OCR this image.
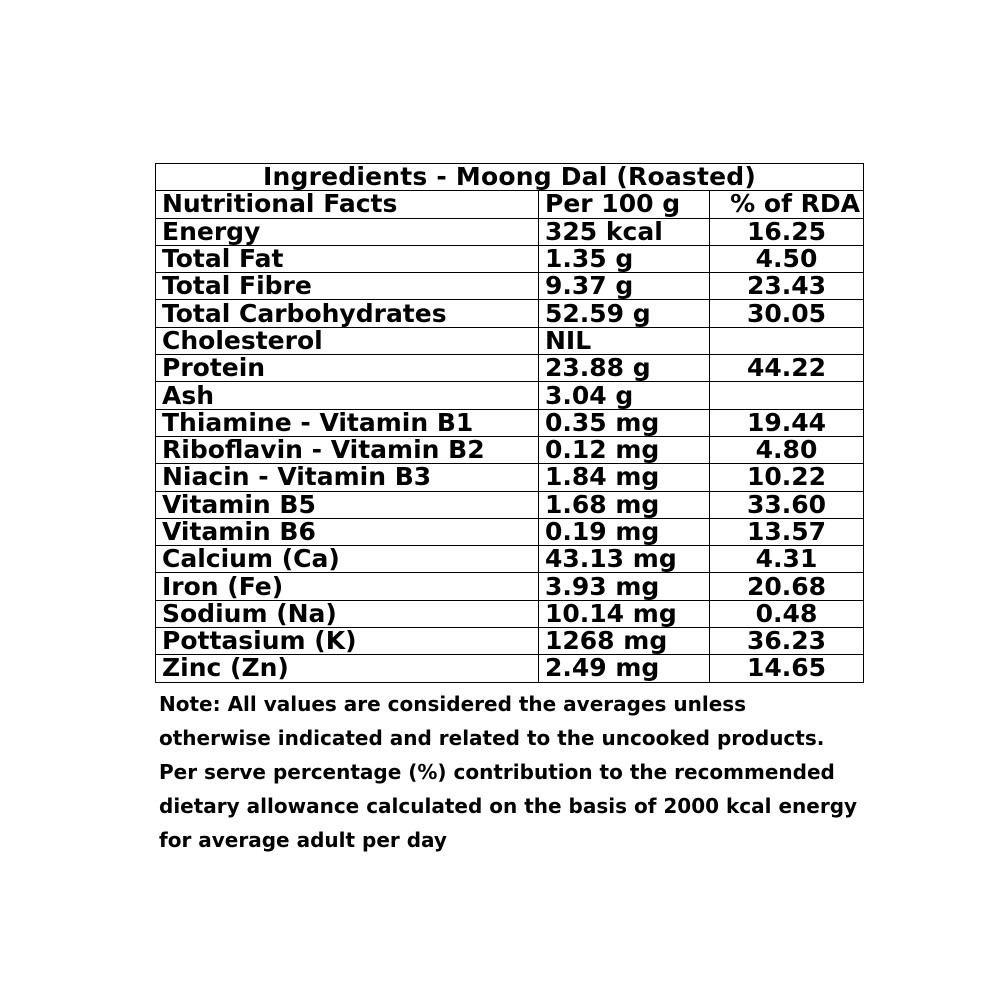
Ingredients - Moong Dal (Roasted)		
Nutritional Facts	Per 100 g	% of RDA
Energy	325 kcal	16.25
Total Fat	1.35 g	4.50
Total Fibre	9.37 g	23.43
Total Carbohydrates	52.59 g	30.05
Cholesterol	NIL	
Protein	23.88 g	44.22
Ash	3.04 g	
Thiamine - Vitamin B1	0.35 mg	19.44
Riboflavin - Vitamin B2	0.12 mg	4.80
Niacin - Vitamin B3	1.84 mg	10.22
Vitamin B5	1.68 mg	33.60
Vitamin B6	0.19 mg	13.57
Calcium (Ca)	43.13 mg	4.31
Iron (Fe)	3.93 mg	20.68
Sodium (Na)	10.14 mg	0.48
Pottasium (K)	1268 mg	36.23
Zinc (Zn)	2.49 mg	14.65
Note: All values are considered the averages unless otherwise indicated and related to the uncooked products. Per serve percentage (%) contribution to the recommended dietary allowance calculated on the basis of 2000 kcal energy for average adult per day
